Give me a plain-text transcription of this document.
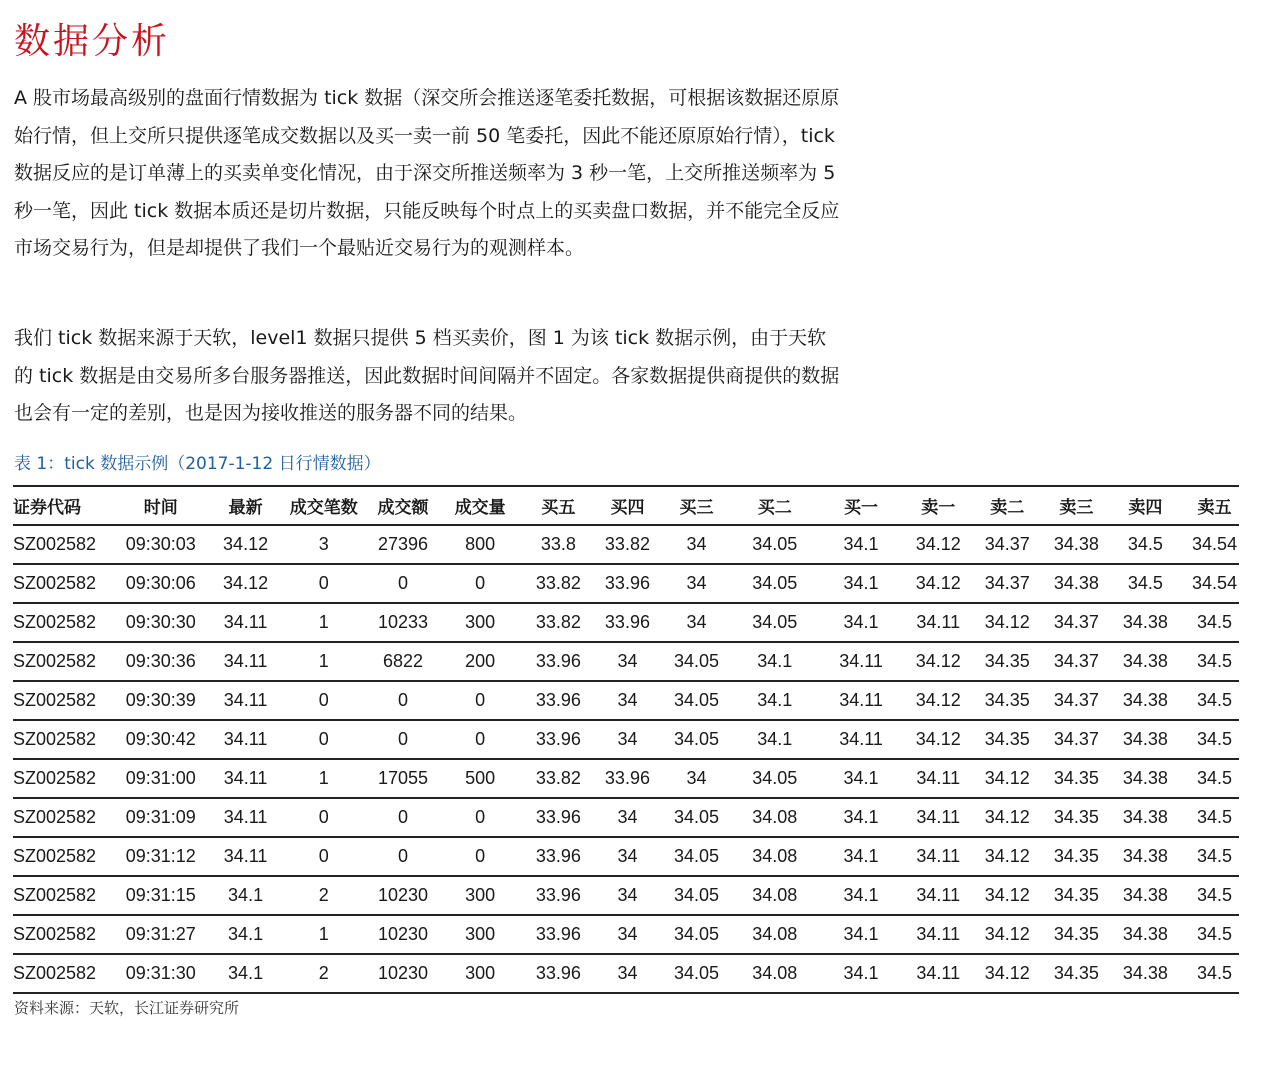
数据分析

A 股市场最高级别的盘面行情数据为 tick 数据（深交所会推送逐笔委托数据，可根据该数据还原原始行情，但上交所只提供逐笔成交数据以及买一卖一前 50 笔委托，因此不能还原原始行情），tick 数据反应的是订单薄上的买卖单变化情况，由于深交所推送频率为 3 秒一笔，上交所推送频率为 5 秒一笔，因此 tick 数据本质还是切片数据，只能反映每个时点上的买卖盘口数据，并不能完全反应市场交易行为，但是却提供了我们一个最贴近交易行为的观测样本。

我们 tick 数据来源于天软，level1 数据只提供 5 档买卖价，图 1 为该 tick 数据示例，由于天软的 tick 数据是由交易所多台服务器推送，因此数据时间间隔并不固定。各家数据提供商提供的数据也会有一定的差别，也是因为接收推送的服务器不同的结果。

表 1：tick 数据示例（2017-1-12 日行情数据）
证券代码	时间	最新	成交笔数	成交额	成交量	买五	买四	买三	买二	买一	卖一	卖二	卖三	卖四	卖五
SZ002582	09:30:03	34.12	3	27396	800	33.8	33.82	34	34.05	34.1	34.12	34.37	34.38	34.5	34.54
SZ002582	09:30:06	34.12	0	0	0	33.82	33.96	34	34.05	34.1	34.12	34.37	34.38	34.5	34.54
SZ002582	09:30:30	34.11	1	10233	300	33.82	33.96	34	34.05	34.1	34.11	34.12	34.37	34.38	34.5
SZ002582	09:30:36	34.11	1	6822	200	33.96	34	34.05	34.1	34.11	34.12	34.35	34.37	34.38	34.5
SZ002582	09:30:39	34.11	0	0	0	33.96	34	34.05	34.1	34.11	34.12	34.35	34.37	34.38	34.5
SZ002582	09:30:42	34.11	0	0	0	33.96	34	34.05	34.1	34.11	34.12	34.35	34.37	34.38	34.5
SZ002582	09:31:00	34.11	1	17055	500	33.82	33.96	34	34.05	34.1	34.11	34.12	34.35	34.38	34.5
SZ002582	09:31:09	34.11	0	0	0	33.96	34	34.05	34.08	34.1	34.11	34.12	34.35	34.38	34.5
SZ002582	09:31:12	34.11	0	0	0	33.96	34	34.05	34.08	34.1	34.11	34.12	34.35	34.38	34.5
SZ002582	09:31:15	34.1	2	10230	300	33.96	34	34.05	34.08	34.1	34.11	34.12	34.35	34.38	34.5
SZ002582	09:31:27	34.1	1	10230	300	33.96	34	34.05	34.08	34.1	34.11	34.12	34.35	34.38	34.5
SZ002582	09:31:30	34.1	2	10230	300	33.96	34	34.05	34.08	34.1	34.11	34.12	34.35	34.38	34.5
资料来源：天软，长江证券研究所
